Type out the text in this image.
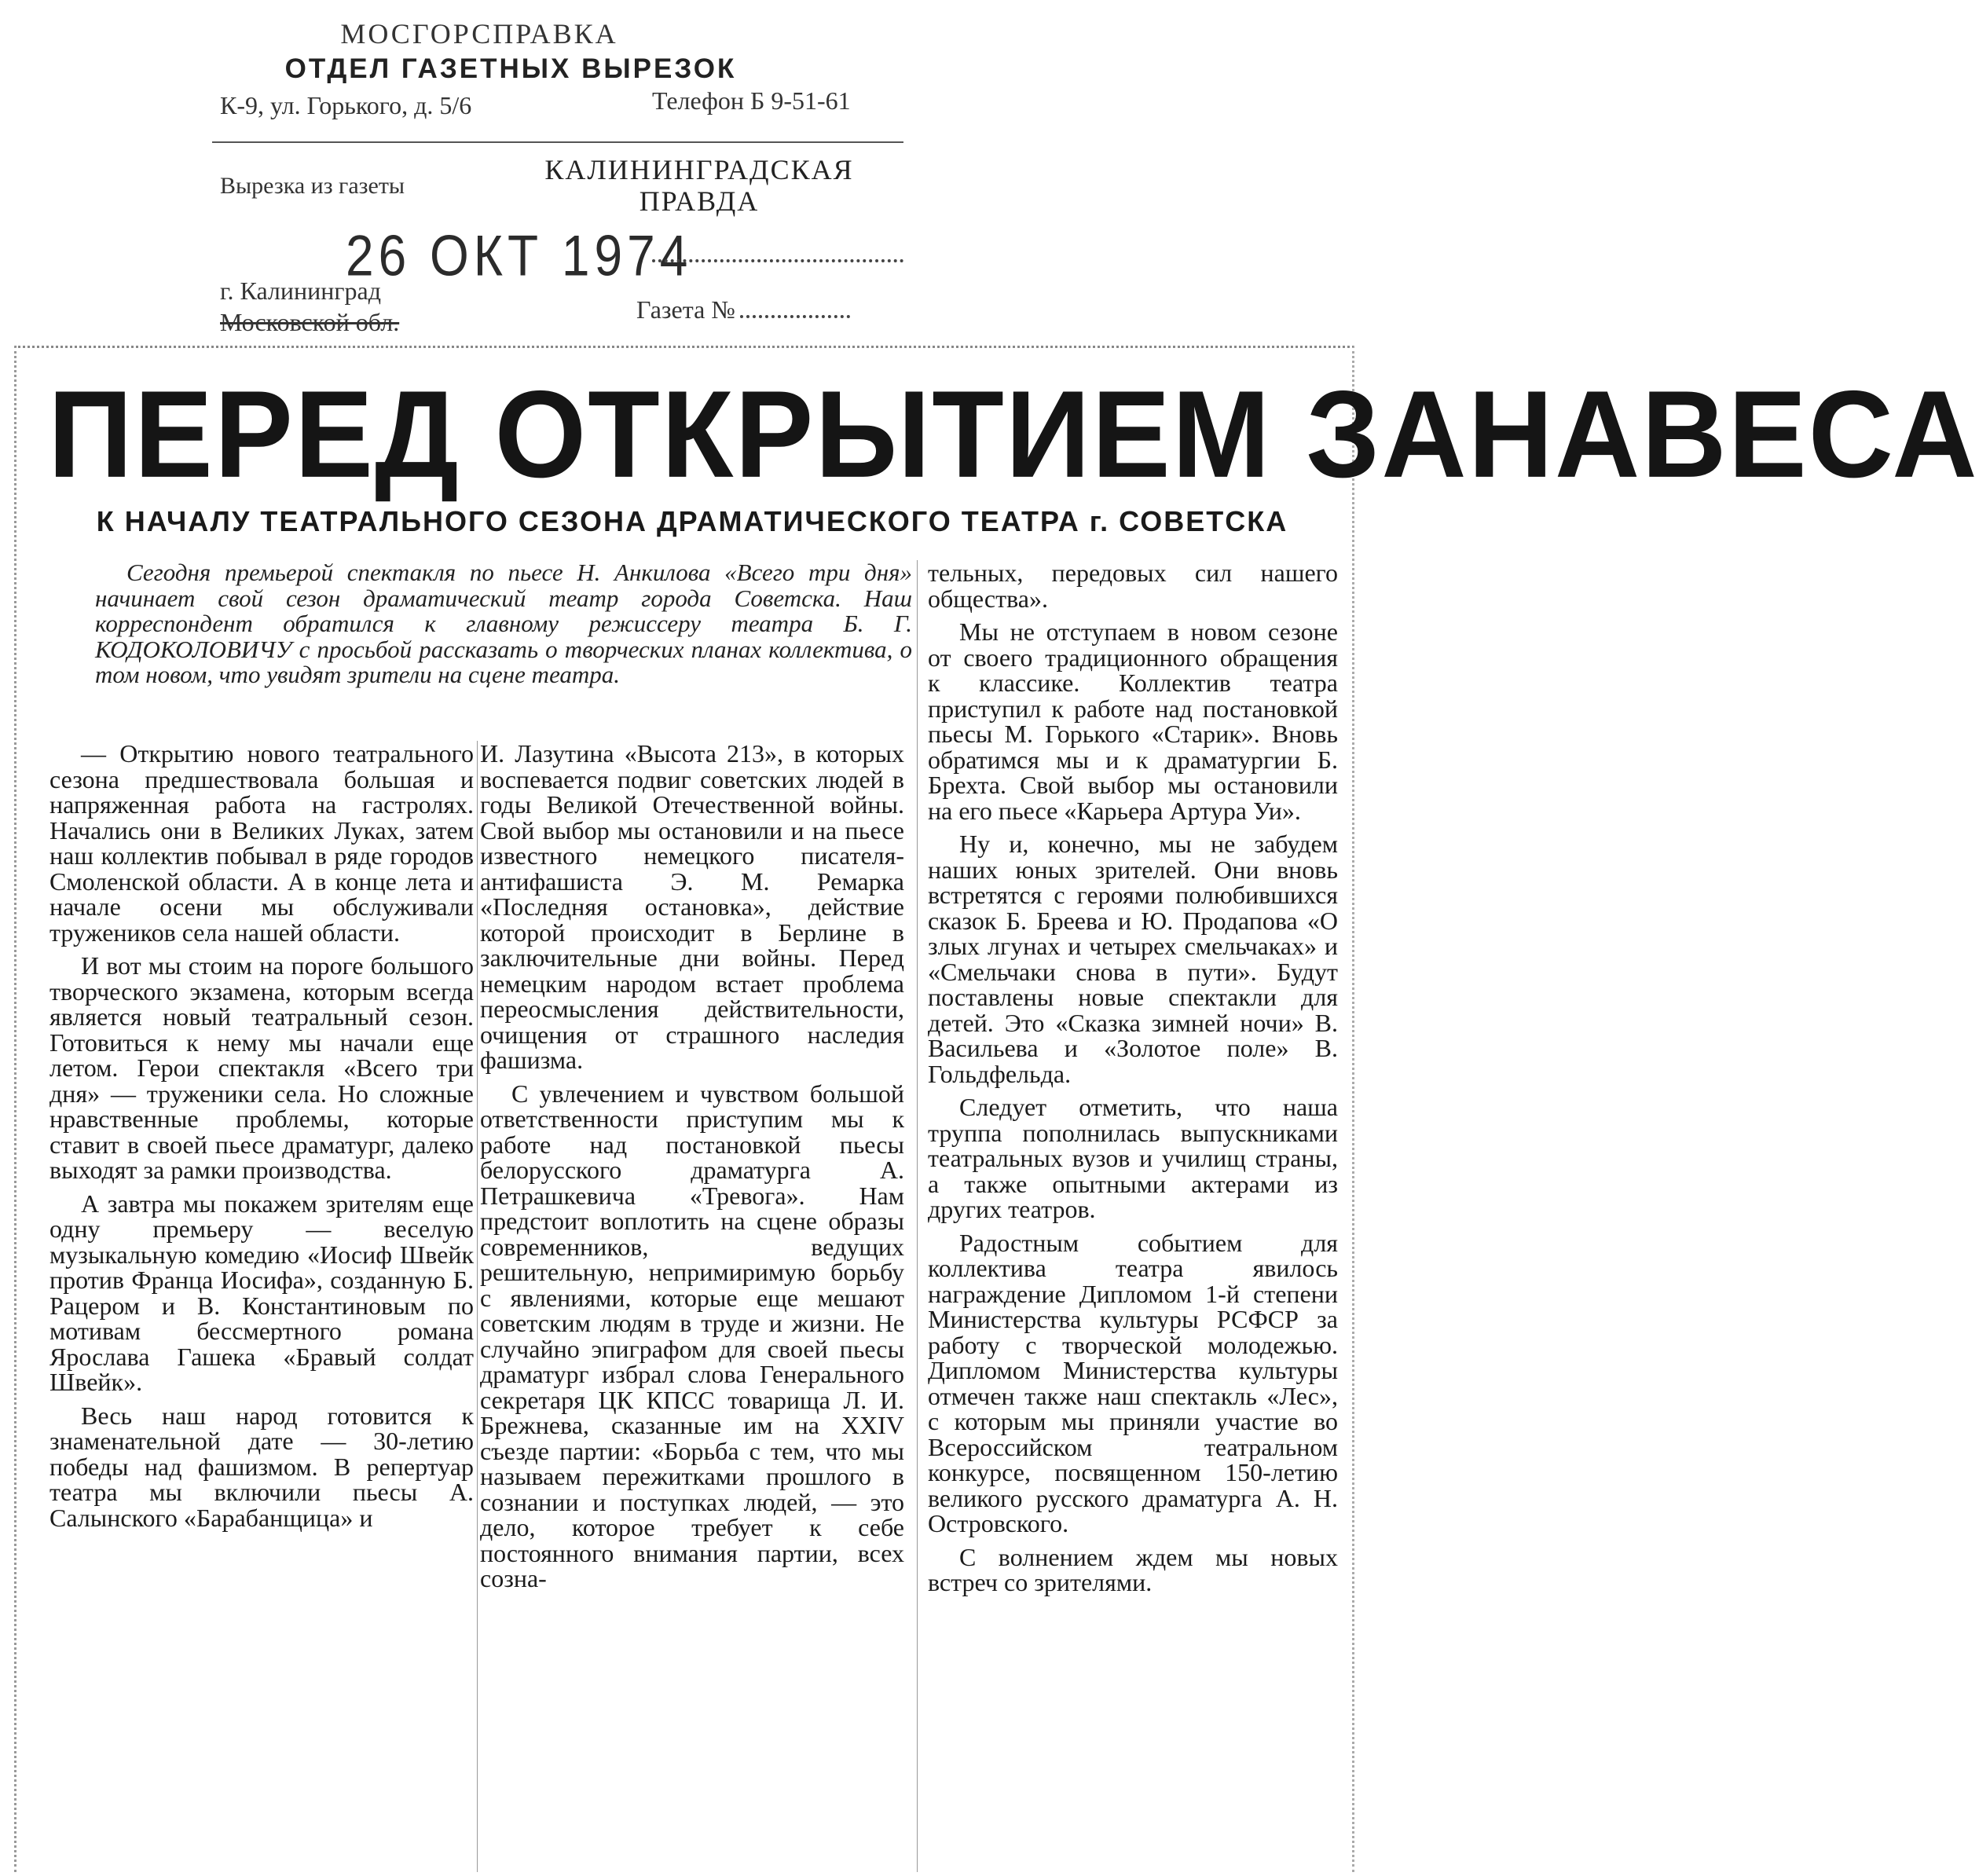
МОСГОРСПРАВКА
ОТДЕЛ ГАЗЕТНЫХ ВЫРЕЗОК
К-9, ул. Горького, д. 5/6	Телефон Б 9-51-61
Вырезка из газеты
КАЛИНИНГРАДСКАЯ
ПРАВДА
26 ОКТ 1974
г. Калининград
Московской обл.	Газета №
ПЕРЕД ОТКРЫТИЕМ ЗАНАВЕСА
К НАЧАЛУ ТЕАТРАЛЬНОГО СЕЗОНА ДРАМАТИЧЕСКОГО ТЕАТРА г. СОВЕТСКА
Сегодня премьерой спектакля по пьесе Н. Анкилова «Всего три дня» начинает свой сезон драматический театр города Советска. Наш корреспондент обратился к главному режиссеру театра Б. Г. КОДОКОЛОВИЧУ с просьбой рассказать о творческих планах коллектива, о том новом, что увидят зрители на сцене театра.

— Открытию нового театрального сезона предшествовала большая и напряженная работа на гастролях. Начались они в Великих Луках, затем наш коллектив побывал в ряде городов Смоленской области. А в конце лета и начале осени мы обслуживали тружеников села нашей области.

И вот мы стоим на пороге большого творческого экзамена, которым всегда является новый театральный сезон. Готовиться к нему мы начали еще летом. Герои спектакля «Всего три дня» — труженики села. Но сложные нравственные проблемы, которые ставит в своей пьесе драматург, далеко выходят за рамки производства.

А завтра мы покажем зрителям еще одну премьеру — веселую музыкальную комедию «Иосиф Швейк против Франца Иосифа», созданную Б. Рацером и В. Константиновым по мотивам бессмертного романа Ярослава Гашека «Бравый солдат Швейк».

Весь наш народ готовится к знаменательной дате — 30-летию победы над фашизмом. В репертуар театра мы включили пьесы А. Салынского «Барабанщица» и

И. Лазутина «Высота 213», в которых воспевается подвиг советских людей в годы Великой Отечественной войны. Свой выбор мы остановили и на пьесе известного немецкого писателя-антифашиста Э. М. Ремарка «Последняя остановка», действие которой происходит в Берлине в заключительные дни войны. Перед немецким народом встает проблема переосмысления действительности, очищения от страшного наследия фашизма.

С увлечением и чувством большой ответственности приступим мы к работе над постановкой пьесы белорусского драматурга А. Петрашкевича «Тревога». Нам предстоит воплотить на сцене образы современников, ведущих решительную, непримиримую борьбу с явлениями, которые еще мешают советским людям в труде и жизни. Не случайно эпиграфом для своей пьесы драматург избрал слова Генерального секретаря ЦК КПСС товарища Л. И. Брежнева, сказанные им на XXIV съезде партии: «Борьба с тем, что мы называем пережитками прошлого в сознании и поступках людей, — это дело, которое требует к себе постоянного внимания партии, всех созна-

тельных, передовых сил нашего общества».

Мы не отступаем в новом сезоне от своего традиционного обращения к классике. Коллектив театра приступил к работе над постановкой пьесы М. Горького «Старик». Вновь обратимся мы и к драматургии Б. Брехта. Свой выбор мы остановили на его пьесе «Карьера Артура Уи».

Ну и, конечно, мы не забудем наших юных зрителей. Они вновь встретятся с героями полюбившихся сказок Б. Бреева и Ю. Продапова «О злых лгунах и четырех смельчаках» и «Смельчаки снова в пути». Будут поставлены новые спектакли для детей. Это «Сказка зимней ночи» В. Васильева и «Золотое поле» В. Гольдфельда.

Следует отметить, что наша труппа пополнилась выпускниками театральных вузов и училищ страны, а также опытными актерами из других театров.

Радостным событием для коллектива театра явилось награждение Дипломом 1-й степени Министерства культуры РСФСР за работу с творческой молодежью. Дипломом Министерства культуры отмечен также наш спектакль «Лес», с которым мы приняли участие во Всероссийском театральном конкурсе, посвященном 150-летию великого русского драматурга А. Н. Островского.

С волнением ждем мы новых встреч со зрителями.
